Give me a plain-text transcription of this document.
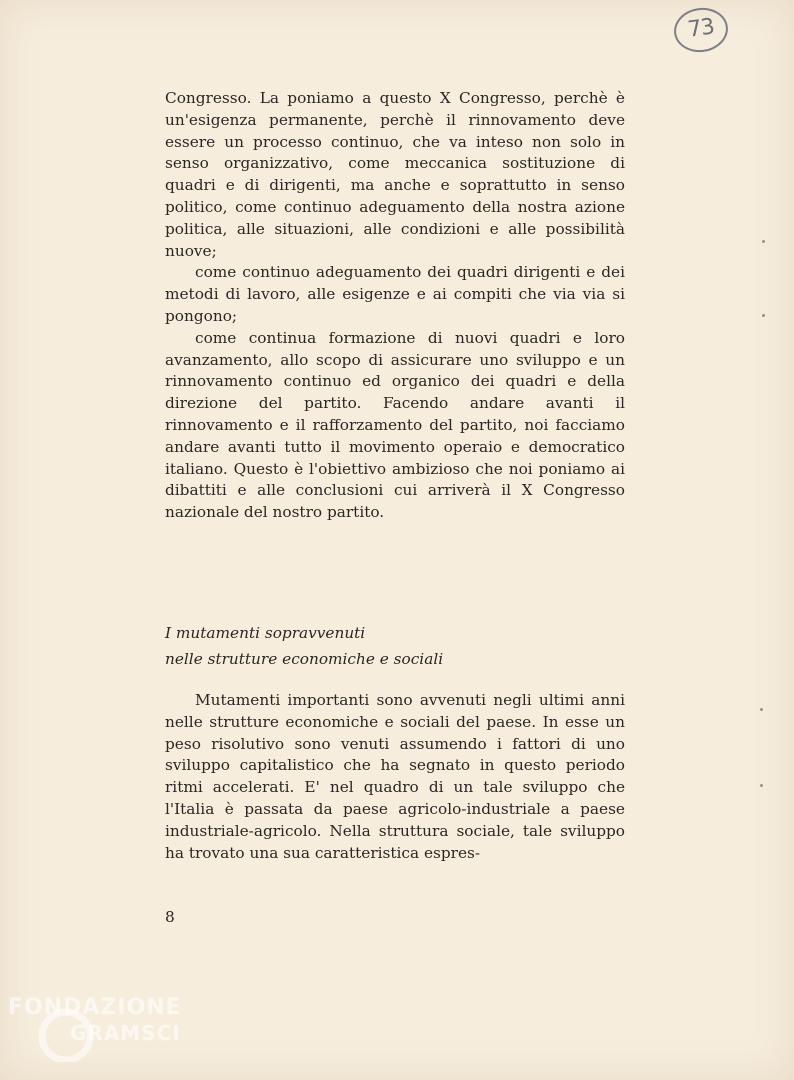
73

Congresso. La poniamo a questo X Congresso, perchè è un'esigenza permanente, perchè il rinnovamento deve essere un processo continuo, che va inteso non solo in senso organizzativo, come meccanica sostituzione di quadri e di dirigenti, ma anche e soprattutto in senso politico, come continuo adeguamento della nostra azione politica, alle situazioni, alle condizioni e alle possibilità nuove;

come continuo adeguamento dei quadri dirigenti e dei metodi di lavoro, alle esigenze e ai compiti che via via si pongono;

come continua formazione di nuovi quadri e loro avanzamento, allo scopo di assicurare uno sviluppo e un rinnovamento continuo ed organico dei quadri e della direzione del partito. Facendo andare avanti il rinnovamento e il rafforzamento del partito, noi facciamo andare avanti tutto il movimento operaio e democratico italiano. Questo è l'obiettivo ambizioso che noi poniamo ai dibattiti e alle conclusioni cui arriverà il X Congresso nazionale del nostro partito.

I mutamenti sopravvenuti
nelle strutture economiche e sociali

Mutamenti importanti sono avvenuti negli ultimi anni nelle strutture economiche e sociali del paese. In esse un peso risolutivo sono venuti assumendo i fattori di uno sviluppo capitalistico che ha segnato in questo periodo ritmi accelerati. E' nel quadro di un tale sviluppo che l'Italia è passata da paese agricolo-industriale a paese industriale-agricolo. Nella struttura sociale, tale sviluppo ha trovato una sua caratteristica espres-

8
FONDAZIONE
GRAMSCI
